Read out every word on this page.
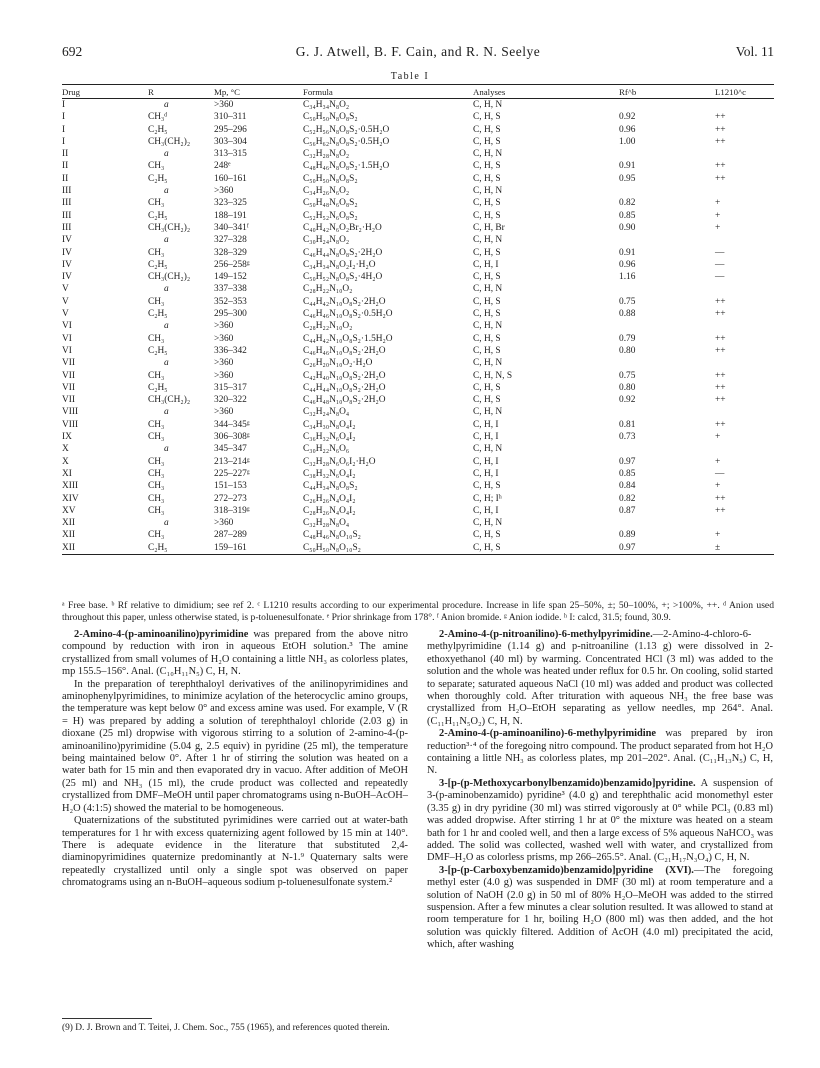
692	G. J. Atwell, B. F. Cain, and R. N. Seelye	Vol. 11
Table I
Drug	R	Mp, °C	Formula	Analyses	Rf^b	L1210^c
I	a	>360	C₃₄H₃₄N₈O₂	C, H, N		
I	CH₃ᵈ	310–311	C₅₀H₅₀N₈O₈S₂	C, H, S	0.92	++
I	C₂H₅	295–296	C₅₂H₅₆N₈O₈S₂·0.5H₂O	C, H, S	0.96	++
I	CH₃(CH₂)₂	303–304	C₅₆H₆₂N₈O₈S₂·0.5H₂O	C, H, S	1.00	++
II	a	313–315	C₃₂H₂₈N₈O₂	C, H, N		
II	CH₃	248ᵉ	C₄₈H₄₆N₈O₈S₂·1.5H₂O	C, H, S	0.91	++
II	C₂H₅	160–161	C₅₀H₅₀N₈O₈S₂	C, H, S	0.95	++
III	a	>360	C₃₄H₂₆N₆O₂	C, H, N		
III	CH₃	323–325	C₅₀H₄₈N₆O₈S₂	C, H, S	0.82	+
III	C₂H₅	188–191	C₅₂H₅₂N₆O₈S₂	C, H, S	0.85	+
III	CH₃(CH₂)₂	340–341ᶠ	C₄₀H₄₂N₆O₂Br₂·H₂O	C, H, Br	0.90	+
IV	a	327–328	C₃₀H₂₄N₈O₂	C, H, N		
IV	CH₃	328–329	C₄₆H₄₄N₈O₈S₂·2H₂O	C, H, S	0.91	—
IV	C₂H₅	256–258ᵍ	C₃₄H₃₄N₈O₂I₂·H₂O	C, H, I	0.96	—
IV	CH₃(CH₂)₂	149–152	C₅₀H₅₂N₈O₈S₂·4H₂O	C, H, S	1.16	—
V	a	337–338	C₂₈H₂₂N₁₀O₂	C, H, N		
V	CH₃	352–353	C₄₄H₄₂N₁₀O₈S₂·2H₂O	C, H, S	0.75	++
V	C₂H₅	295–300	C₄₆H₄₆N₁₀O₈S₂·0.5H₂O	C, H, S	0.88	++
VI	a	>360	C₂₈H₂₂N₁₀O₂	C, H, N		
VI	CH₃	>360	C₄₄H₄₂N₁₀O₈S₂·1.5H₂O	C, H, S	0.79	++
VI	C₂H₅	336–342	C₄₆H₄₆N₁₀O₈S₂·2H₂O	C, H, S	0.80	++
VII	a	>360	C₂₆H₂₀N₁₀O₂·H₂O	C, H, N		
VII	CH₃	>360	C₄₂H₄₀N₁₀O₈S₂·2H₂O	C, H, N, S	0.75	++
VII	C₂H₅	315–317	C₄₄H₄₄N₁₀O₈S₂·2H₂O	C, H, S	0.80	++
VII	CH₃(CH₂)₂	320–322	C₄₆H₄₈N₁₀O₈S₂·2H₂O	C, H, S	0.92	++
VIII	a	>360	C₃₂H₂₄N₈O₄	C, H, N		
VIII	CH₃	344–345ᵍ	C₃₄H₃₀N₈O₄I₂	C, H, I	0.81	++
IX	CH₃	306–308ᵍ	C₃₆H₃₂N₆O₄I₂	C, H, I	0.73	+
X	a	345–347	C₃₀H₂₂N₆O₆	C, H, N		
X	CH₃	213–214ᵍ	C₃₂H₂₈N₆O₆I₂·H₂O	C, H, I	0.97	+
XI	CH₃	225–227ᵍ	C₃₈H₃₂N₆O₄I₂	C, H, I	0.85	—
XIII	CH₃	151–153	C₄₄H₃₄N₈O₈S₂	C, H, S	0.84	+
XIV	CH₃	272–273	C₂₆H₂₆N₄O₄I₂	C, H; Iʰ	0.82	++
XV	CH₃	318–319ᵍ	C₂₈H₂₆N₄O₄I₂	C, H, I	0.87	++
XII	a	>360	C₃₂H₂₈N₈O₄	C, H, N		
XII	CH₃	287–289	C₄₈H₄₆N₈O₁₀S₂	C, H, S	0.89	+
XII	C₂H₅	159–161	C₅₀H₅₀N₈O₁₀S₂	C, H, S	0.97	±
ᵃ Free base. ᵇ Rf relative to dimidium; see ref 2. ᶜ L1210 results according to our experimental procedure. Increase in life span 25–50%, ±; 50–100%, +; >100%, ++. ᵈ Anion used throughout this paper, unless otherwise stated, is p-toluenesulfonate. ᵉ Prior shrinkage from 178°. ᶠ Anion bromide. ᵍ Anion iodide. ʰ I: calcd, 31.5; found, 30.9.

2-Amino-4-(p-aminoanilino)pyrimidine was prepared from the above nitro compound by reduction with iron in aqueous EtOH solution.³ The amine crystallized from small volumes of H₂O containing a little NH₃ as colorless plates, mp 155.5–156°. Anal. (C₁₀H₁₁N₅) C, H, N.

In the preparation of terephthaloyl derivatives of the anilinopyrimidines and aminophenylpyrimidines, to minimize acylation of the heterocyclic amino groups, the temperature was kept below 0° and excess amine was used. For example, V (R = H) was prepared by adding a solution of terephthaloyl chloride (2.03 g) in dioxane (25 ml) dropwise with vigorous stirring to a solution of 2-amino-4-(p-aminoanilino)pyrimidine (5.04 g, 2.5 equiv) in pyridine (25 ml), the temperature being maintained below 0°. After 1 hr of stirring the solution was heated on a water bath for 15 min and then evaporated dry in vacuo. After addition of MeOH (25 ml) and NH₃ (15 ml), the crude product was collected and repeatedly crystallized from DMF–MeOH until paper chromatograms using n-BuOH–AcOH–H₂O (4:1:5) showed the material to be homogeneous.

Quaternizations of the substituted pyrimidines were carried out at water-bath temperatures for 1 hr with excess quaternizing agent followed by 15 min at 140°. There is adequate evidence in the literature that substituted 2,4-diaminopyrimidines quaternize predominantly at N-1.⁹ Quaternary salts were repeatedly crystallized until only a single spot was observed on paper chromatograms using an n-BuOH–aqueous sodium p-toluenesulfonate system.²

(9) D. J. Brown and T. Teitei, J. Chem. Soc., 755 (1965), and references quoted therein.

2-Amino-4-(p-nitroanilino)-6-methylpyrimidine.—2-Amino-4-chloro-6-methylpyrimidine (1.14 g) and p-nitroaniline (1.13 g) were dissolved in 2-ethoxyethanol (40 ml) by warming. Concentrated HCl (3 ml) was added to the solution and the whole was heated under reflux for 0.5 hr. On cooling, solid started to separate; saturated aqueous NaCl (10 ml) was added and product was collected when thoroughly cold. After trituration with aqueous NH₃ the free base was crystallized from H₂O–EtOH separating as yellow needles, mp 264°. Anal. (C₁₁H₁₁N₅O₂) C, H, N.

2-Amino-4-(p-aminoanilino)-6-methylpyrimidine was prepared by iron reduction³·⁴ of the foregoing nitro compound. The product separated from hot H₂O containing a little NH₃ as colorless plates, mp 201–202°. Anal. (C₁₁H₁₃N₅) C, H, N.

3-[p-(p-Methoxycarbonylbenzamido)benzamido]pyridine. A suspension of 3-(p-aminobenzamido) pyridine³ (4.0 g) and terephthalic acid monomethyl ester (3.35 g) in dry pyridine (30 ml) was stirred vigorously at 0° while PCl₃ (0.83 ml) was added dropwise. After stirring 1 hr at 0° the mixture was heated on a steam bath for 1 hr and cooled well, and then a large excess of 5% aqueous NaHCO₃ was added. The solid was collected, washed well with water, and crystallized from DMF–H₂O as colorless prisms, mp 266–265.5°. Anal. (C₂₁H₁₇N₃O₄) C, H, N.

3-[p-(p-Carboxybenzamido)benzamido]pyridine (XVI).—The foregoing methyl ester (4.0 g) was suspended in DMF (30 ml) at room temperature and a solution of NaOH (2.0 g) in 50 ml of 80% H₂O–MeOH was added to the stirred suspension. After a few minutes a clear solution resulted. It was allowed to stand at room temperature for 1 hr, boiling H₂O (800 ml) was then added, and the hot solution was quickly filtered. Addition of AcOH (4.0 ml) precipitated the acid, which, after washing
